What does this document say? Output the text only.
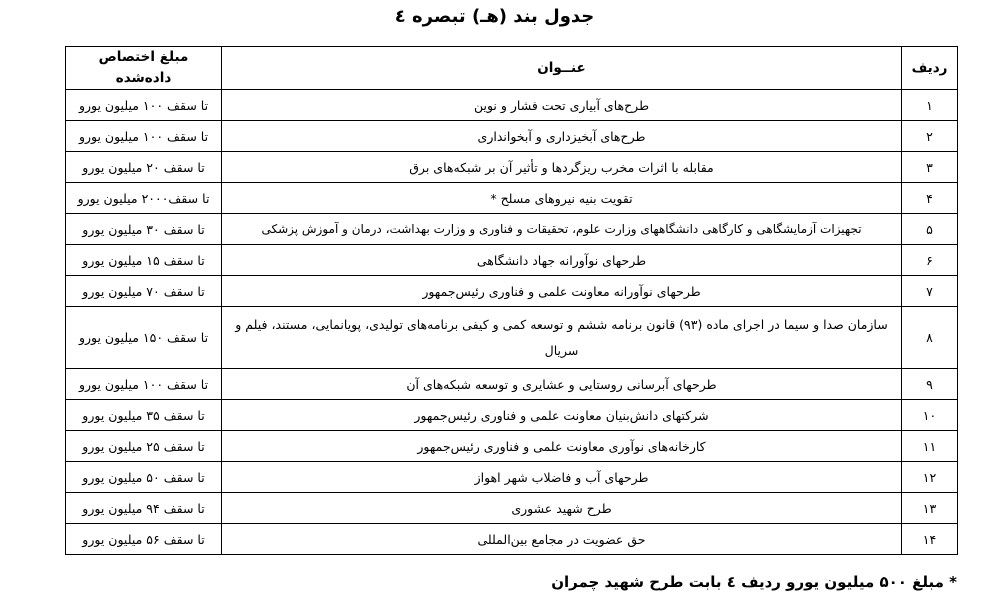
جدول بند (هـ) تبصره ٤
ردیف	عنــوان	مبلغ اختصاص داده‌شده
١	طرح‌های آبیاری تحت فشار و نوین	تا سقف ١٠٠ میلیون یورو
٢	طرح‌های آبخیزداری و آبخوانداری	تا سقف ١٠٠ میلیون یورو
٣	مقابله با اثرات مخرب ریزگردها و تأثیر آن بر شبکه‌های برق	تا سقف ٢٠ میلیون یورو
۴	تقویت بنیه نیروهای مسلح *	تا سقف٢٠٠٠ میلیون یورو
۵	تجهیزات آزمایشگاهی و کارگاهی دانشگاههای وزارت علوم، تحقیقات و فناوری و وزارت بهداشت، درمان و آموزش پزشکی	تا سقف ٣٠ میلیون یورو
۶	طرحهای نوآورانه جهاد دانشگاهی	تا سقف ١۵ میلیون یورو
٧	طرحهای نوآورانه معاونت علمی و فناوری رئیس‌جمهور	تا سقف ٧٠ میلیون یورو
٨	سازمان صدا و سیما در اجرای ماده (٩٣) قانون برنامه ششم و توسعه کمی و کیفی برنامه‌های تولیدی، پویانمایی، مستند، فیلم و سریال	تا سقف ١۵٠ میلیون یورو
٩	طرحهای آبرسانی روستایی و عشایری و توسعه شبکه‌های آن	تا سقف ١٠٠ میلیون یورو
١٠	شرکتهای دانش‌بنیان معاونت علمی و فناوری رئیس‌جمهور	تا سقف ٣۵ میلیون یورو
١١	کارخانه‌های نوآوری معاونت علمی و فناوری رئیس‌جمهور	تا سقف ٢۵ میلیون یورو
١٢	طرحهای آب و فاضلاب شهر اهواز	تا سقف ۵٠ میلیون یورو
١٣	طرح شهید عشوری	تا سقف ٩۴ میلیون یورو
١۴	حق عضویت در مجامع بین‌المللی	تا سقف ۵۶ میلیون یورو
* مبلغ ۵٠٠ میلیون یورو ردیف ٤ بابت طرح شهید چمران
